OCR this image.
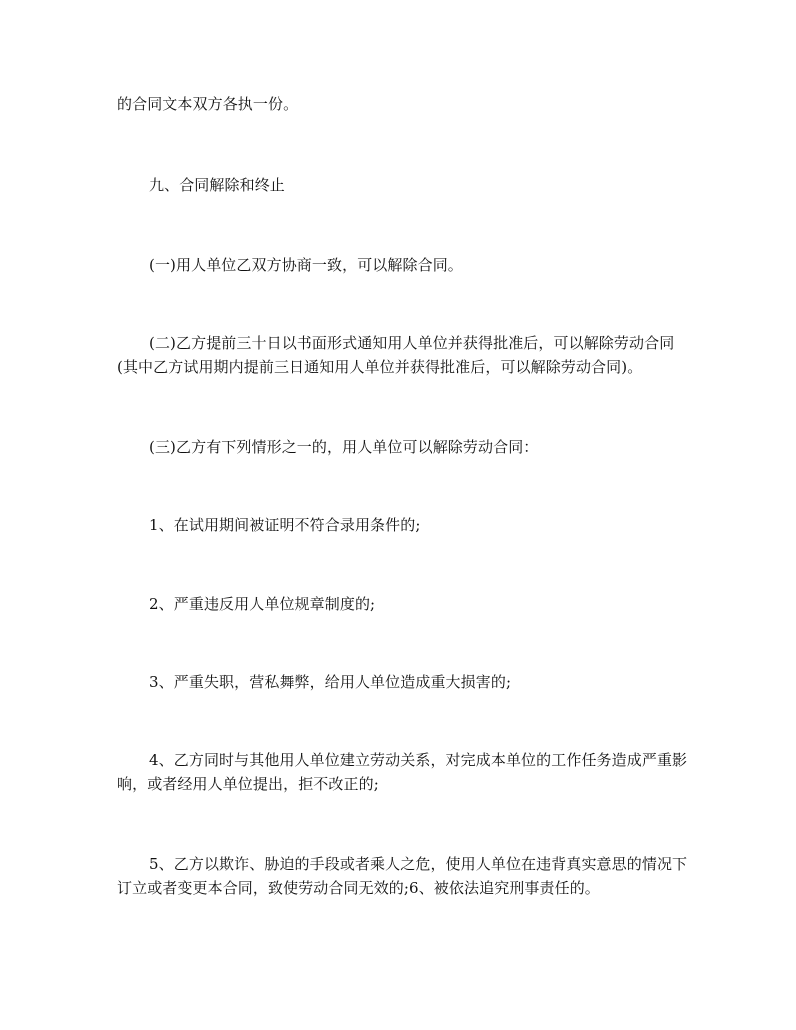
的合同文本双方各执一份。

九、合同解除和终止

(一)用人单位乙双方协商一致，可以解除合同。

(二)乙方提前三十日以书面形式通知用人单位并获得批准后，可以解除劳动合同(其中乙方试用期内提前三日通知用人单位并获得批准后，可以解除劳动合同)。

(三)乙方有下列情形之一的，用人单位可以解除劳动合同：

1、在试用期间被证明不符合录用条件的;

2、严重违反用人单位规章制度的;

3、严重失职，营私舞弊，给用人单位造成重大损害的;

4、乙方同时与其他用人单位建立劳动关系，对完成本单位的工作任务造成严重影响，或者经用人单位提出，拒不改正的;

5、乙方以欺诈、胁迫的手段或者乘人之危，使用人单位在违背真实意思的情况下订立或者变更本合同，致使劳动合同无效的;6、被依法追究刑事责任的。
